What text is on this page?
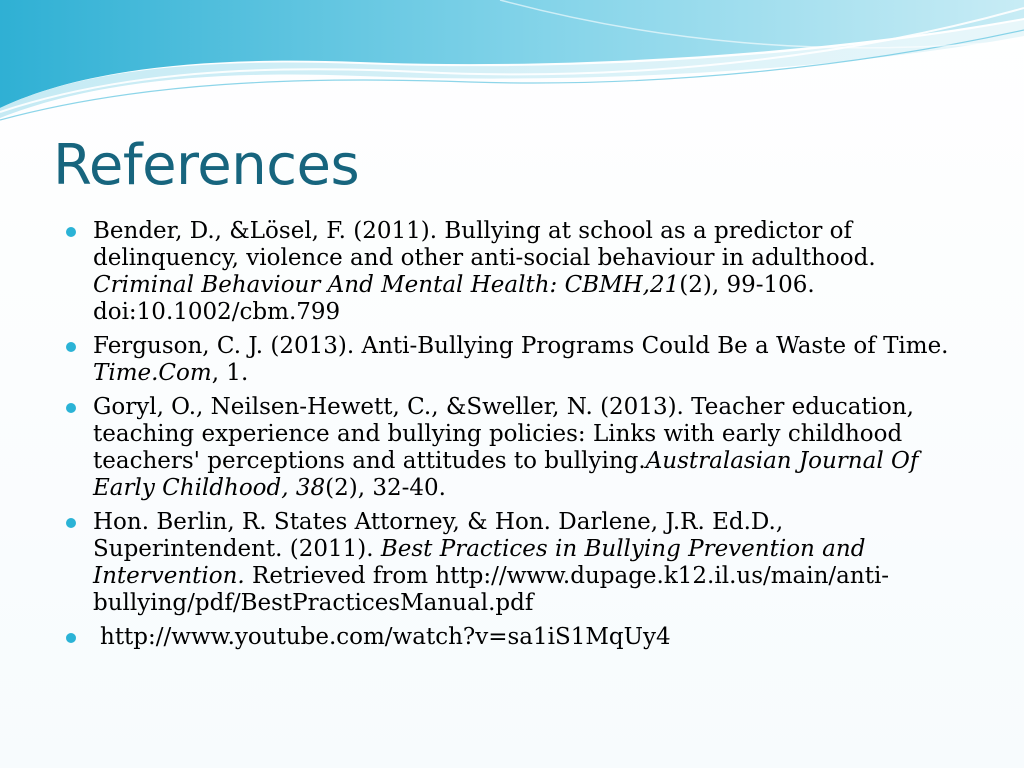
References
Bender, D., &Lösel, F. (2011). Bullying at school as a predictor of delinquency, violence and other anti-social behaviour in adulthood. Criminal Behaviour And Mental Health: CBMH,21(2), 99-106. doi:10.1002/cbm.799
Ferguson, C. J. (2013). Anti-Bullying Programs Could Be a Waste of Time. Time.Com, 1.
Goryl, O., Neilsen-Hewett, C., &Sweller, N. (2013). Teacher education, teaching experience and bullying policies: Links with early childhood teachers' perceptions and attitudes to bullying.Australasian Journal Of Early Childhood, 38(2), 32-40.
Hon. Berlin, R. States Attorney, & Hon. Darlene, J.R. Ed.D., Superintendent. (2011). Best Practices in Bullying Prevention and Intervention. Retrieved from http://www.dupage.k12.il.us/main/anti-bullying/pdf/BestPracticesManual.pdf
http://www.youtube.com/watch?v=sa1iS1MqUy4
